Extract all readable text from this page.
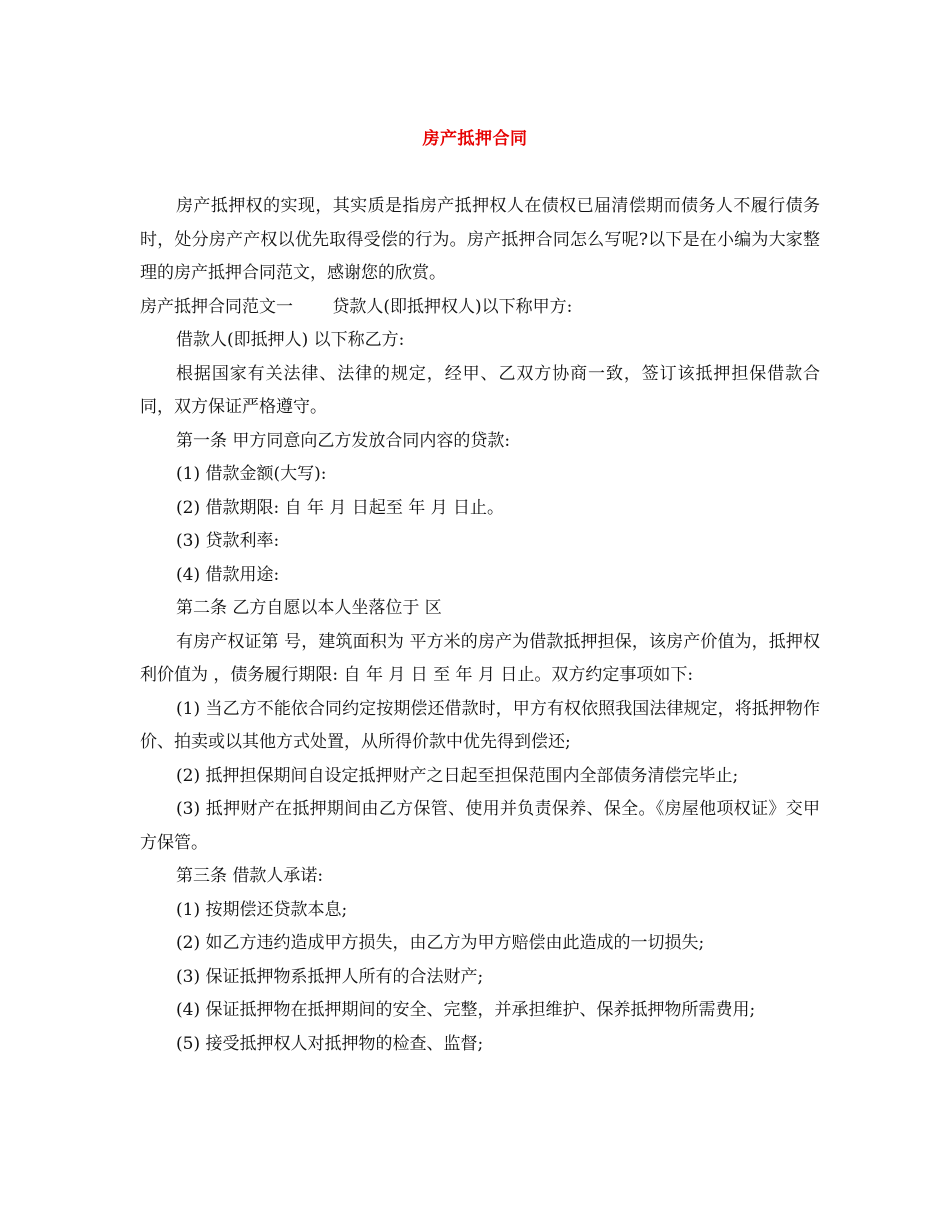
房产抵押合同

房产抵押权的实现，其实质是指房产抵押权人在债权已届清偿期而债务人不履行债务时，处分房产产权以优先取得受偿的行为。房产抵押合同怎么写呢?以下是在小编为大家整理的房产抵押合同范文，感谢您的欣赏。

房产抵押合同范文一　　 贷款人(即抵押权人)以下称甲方:

借款人(即抵押人) 以下称乙方:

根据国家有关法律、法律的规定，经甲、乙双方协商一致，签订该抵押担保借款合同，双方保证严格遵守。

第一条 甲方同意向乙方发放合同内容的贷款:

(1) 借款金额(大写):

(2) 借款期限: 自 年 月 日起至 年 月 日止。

(3) 贷款利率:

(4) 借款用途:

第二条 乙方自愿以本人坐落位于 区

有房产权证第 号，建筑面积为 平方米的房产为借款抵押担保，该房产价值为，抵押权利价值为 ，债务履行期限: 自 年 月 日 至 年 月 日止。双方约定事项如下:

(1) 当乙方不能依合同约定按期偿还借款时，甲方有权依照我国法律规定，将抵押物作价、拍卖或以其他方式处置，从所得价款中优先得到偿还;

(2) 抵押担保期间自设定抵押财产之日起至担保范围内全部债务清偿完毕止;

(3) 抵押财产在抵押期间由乙方保管、使用并负责保养、保全。《房屋他项权证》交甲方保管。

第三条 借款人承诺:

(1) 按期偿还贷款本息;

(2) 如乙方违约造成甲方损失，由乙方为甲方赔偿由此造成的一切损失;

(3) 保证抵押物系抵押人所有的合法财产;

(4) 保证抵押物在抵押期间的安全、完整，并承担维护、保养抵押物所需费用;

(5) 接受抵押权人对抵押物的检查、监督;
